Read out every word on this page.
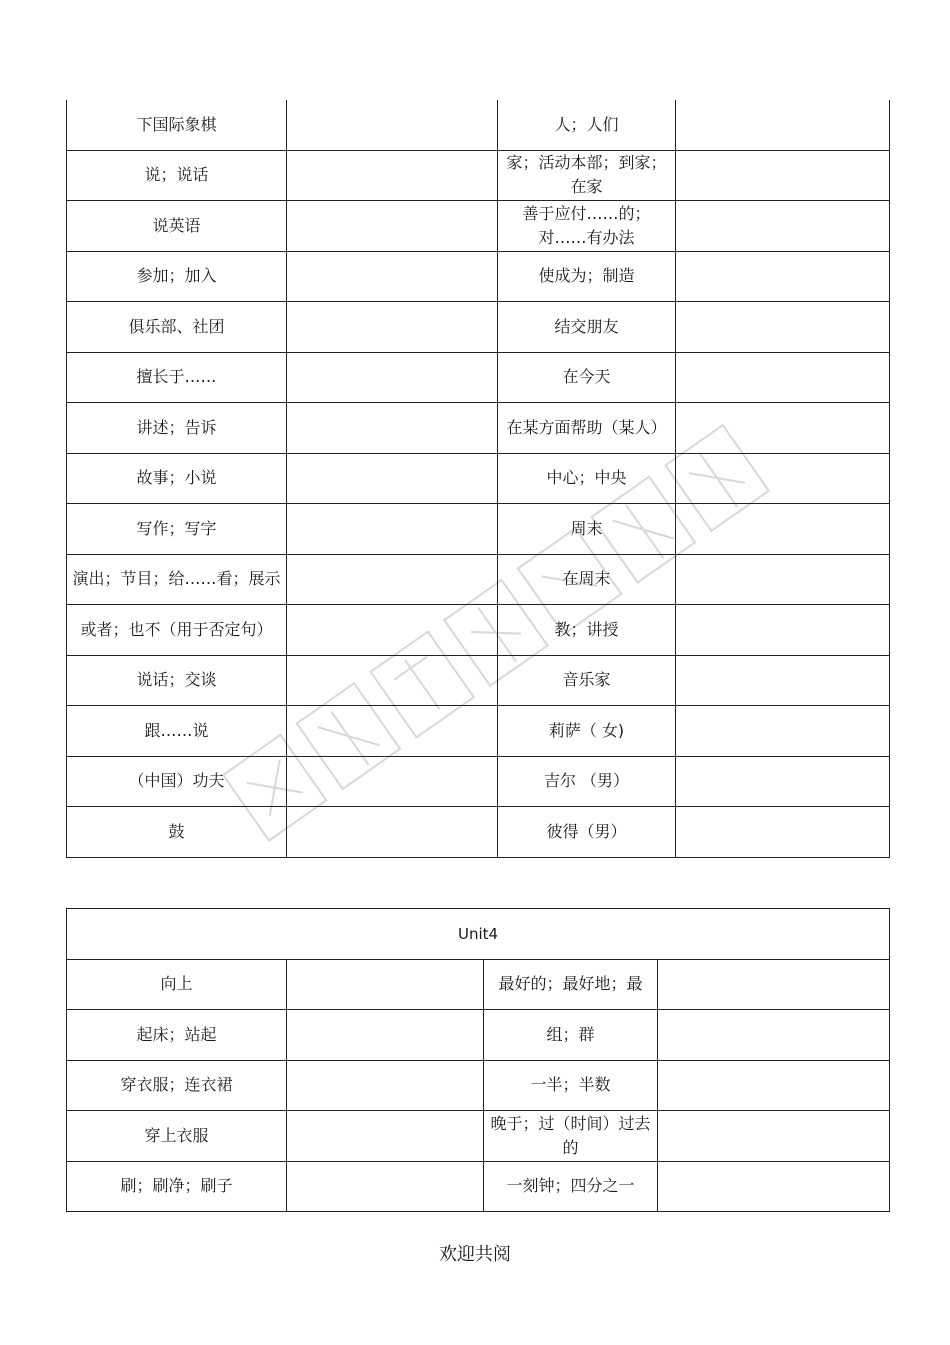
下国际象棋		人；人们	
说；说话		家；活动本部；到家；在家	
说英语		善于应付……的；对……有办法	
参加；加入		使成为；制造	
俱乐部、社团		结交朋友	
擅长于……		在今天	
讲述；告诉		在某方面帮助（某人）	
故事；小说		中心；中央	
写作；写字		周末	
演出；节目；给……看；展示		在周末	
或者；也不（用于否定句）		教；讲授	
说话；交谈		音乐家	
跟……说		莉萨（ 女)	
（中国）功夫		吉尔 （男）	
鼓		彼得（男）	
Unit4			
向上		最好的；最好地；最	
起床；站起		组；群	
穿衣服；连衣裙		一半；半数	
穿上衣服		晚于；过（时间）过去的	
刷；刷净；刷子		一刻钟；四分之一	
欢迎共阅
